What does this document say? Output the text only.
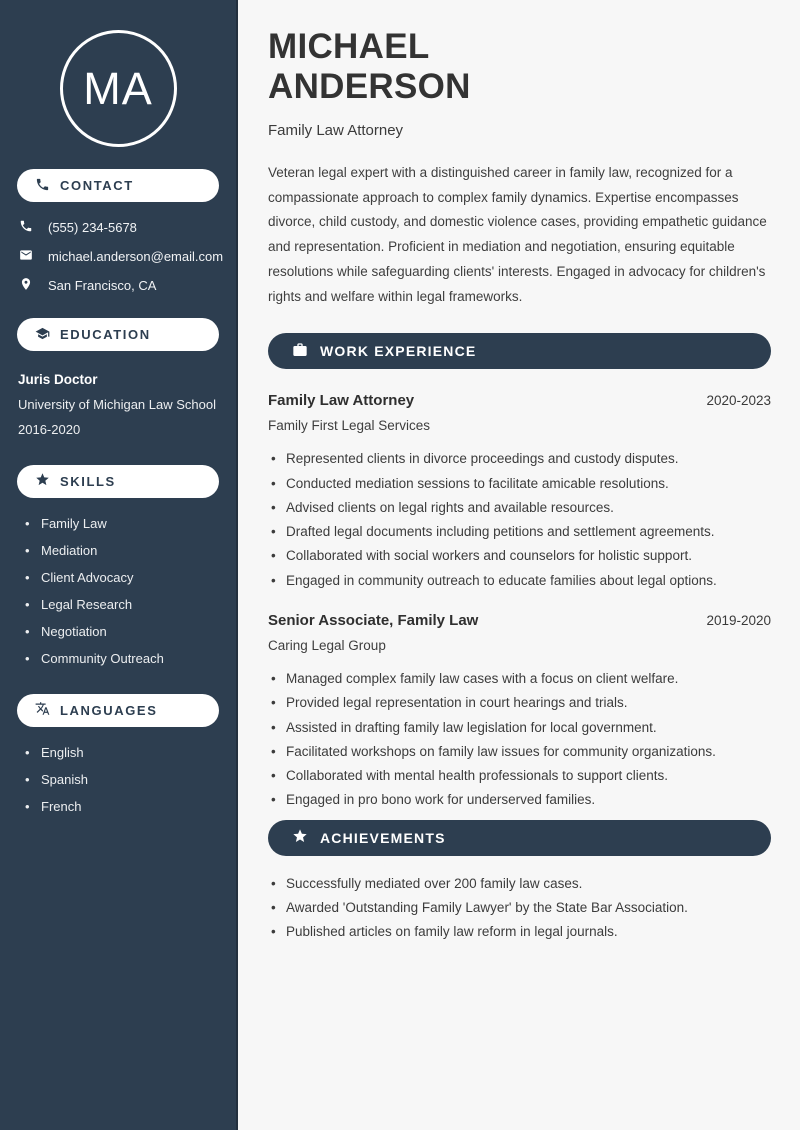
MA
CONTACT
(555) 234-5678
michael.anderson@email.com
San Francisco, CA
EDUCATION
Juris Doctor
University of Michigan Law School
2016-2020
SKILLS
• Family Law
• Mediation
• Client Advocacy
• Legal Research
• Negotiation
• Community Outreach
LANGUAGES
• English
• Spanish
• French
MICHAEL
ANDERSON
Family Law Attorney

Veteran legal expert with a distinguished career in family law, recognized for a compassionate approach to complex family dynamics. Expertise encompasses divorce, child custody, and domestic violence cases, providing empathetic guidance and representation. Proficient in mediation and negotiation, ensuring equitable resolutions while safeguarding clients' interests. Engaged in advocacy for children's rights and welfare within legal frameworks.

WORK EXPERIENCE
Family Law Attorney	2020-2023
Family First Legal Services
• Represented clients in divorce proceedings and custody disputes.
• Conducted mediation sessions to facilitate amicable resolutions.
• Advised clients on legal rights and available resources.
• Drafted legal documents including petitions and settlement agreements.
• Collaborated with social workers and counselors for holistic support.
• Engaged in community outreach to educate families about legal options.
Senior Associate, Family Law	2019-2020
Caring Legal Group
• Managed complex family law cases with a focus on client welfare.
• Provided legal representation in court hearings and trials.
• Assisted in drafting family law legislation for local government.
• Facilitated workshops on family law issues for community organizations.
• Collaborated with mental health professionals to support clients.
• Engaged in pro bono work for underserved families.
ACHIEVEMENTS
• Successfully mediated over 200 family law cases.
• Awarded 'Outstanding Family Lawyer' by the State Bar Association.
• Published articles on family law reform in legal journals.
